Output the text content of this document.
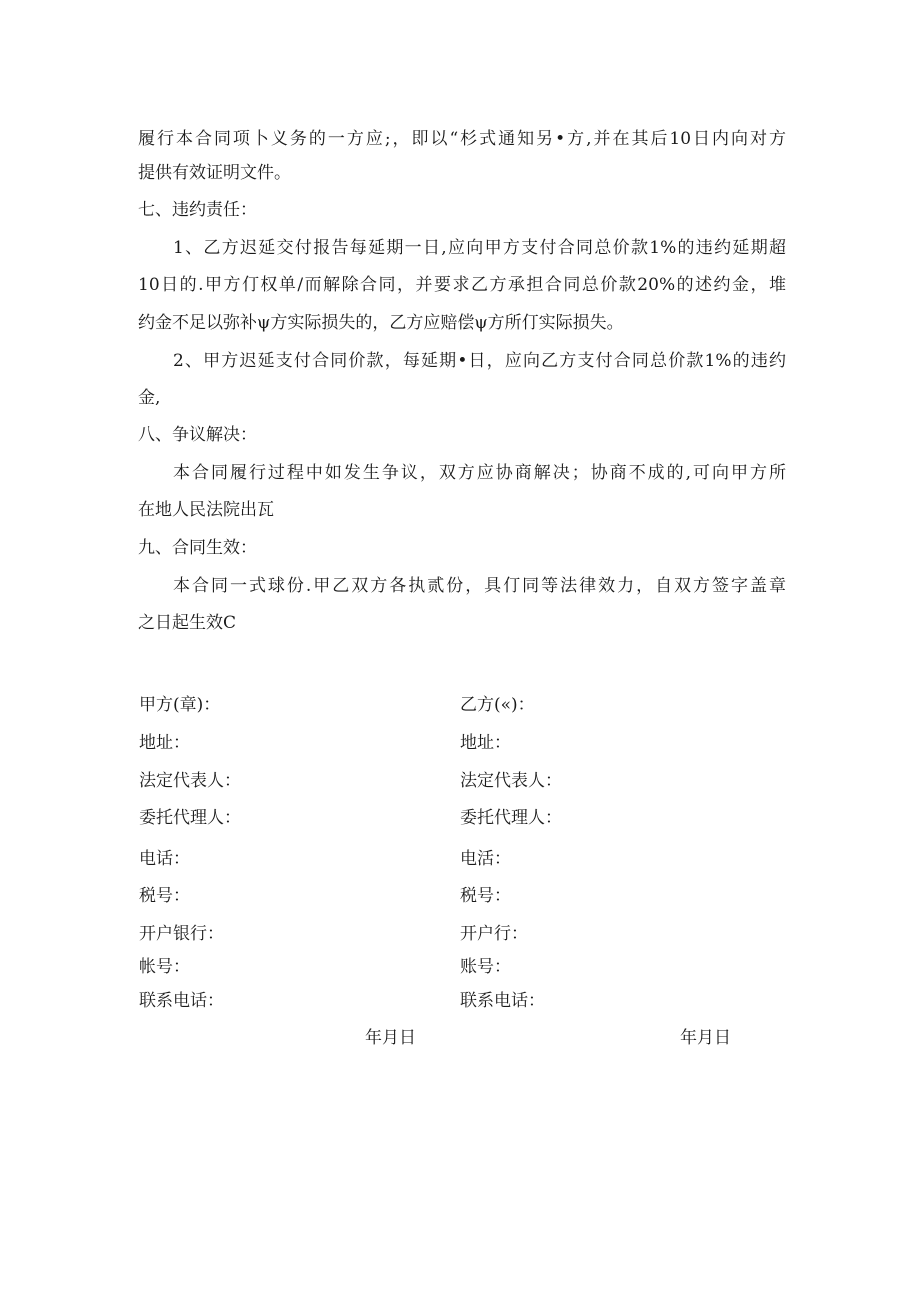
履行本合同项卜义务的一方应;，即以“杉式通知另•方,并在其后10日内向对方
提供有效证明文件。
七、违约责任：
1、乙方迟延交付报告每延期一日,应向甲方支付合同总价款1%的违约延期超
10日的.甲方仃权单/而解除合同，并要求乙方承担合同总价款20%的述约金，堆
约金不足以弥补ψ方实际损失的，乙方应赔偿ψ方所仃实际损失。
2、甲方迟延支付合同价款，每延期•日，应向乙方支付合同总价款1%的违约
金,
八、争议解决：
本合同履行过程中如发生争议，双方应协商解决；协商不成的,可向甲方所
在地人民法院出瓦
九、合同生效：
本合同一式球份.甲乙双方各执贰份，具仃同等法律效力，自双方签字盖章
之日起生效C
甲方(章)：
地址：
法定代表人：
委托代理人：
电话：
税号：
开户银行：
帐号：
联系电话：
年月日
乙方(«)：
地址：
法定代表人：
委托代理人：
电活：
税号：
开户行：
账号：
联系电话：
年月日
